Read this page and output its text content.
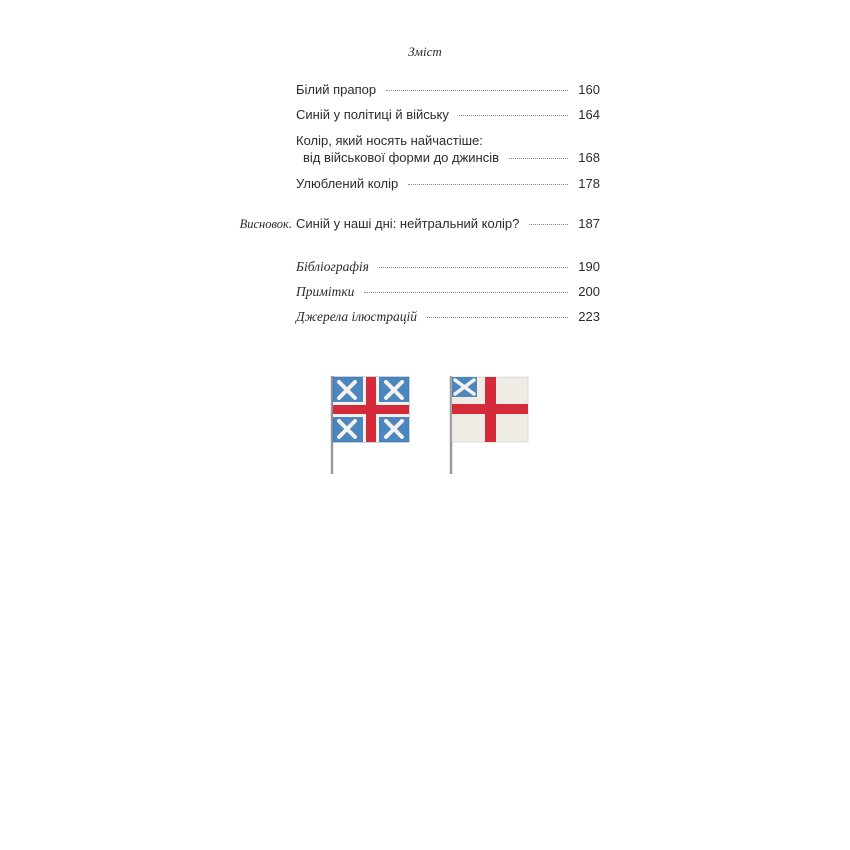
Зміст
Білий прапор	160
Синій у політиці й війську	164
Колір, який носять найчастіше:
від військової форми до джинсів	168
Улюблений колір	178
Висновок. Синій у наші дні: нейтральний колір?	187
Бібліографія	190
Примітки	200
Джерела ілюстрацій	223
